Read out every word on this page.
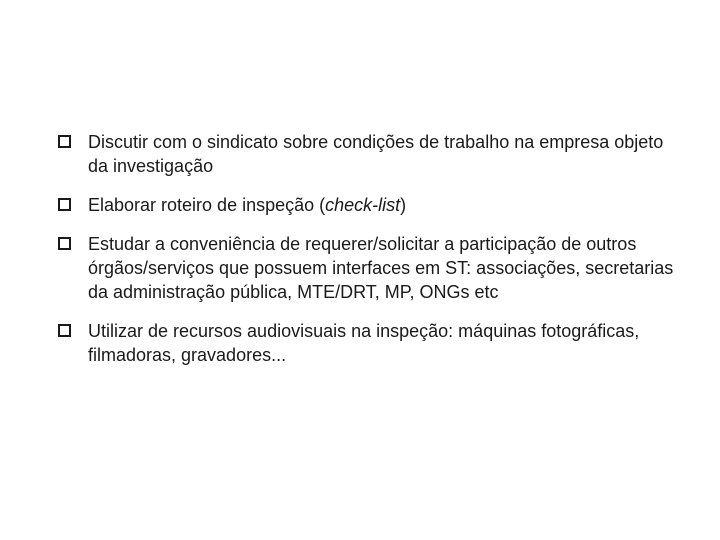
Discutir com o sindicato sobre condições de trabalho na empresa objeto da investigação
Elaborar roteiro de inspeção (check-list)
Estudar a conveniência de requerer/solicitar a participação de outros órgãos/serviços que possuem interfaces em ST: associações, secretarias da administração pública, MTE/DRT, MP, ONGs etc
Utilizar de recursos audiovisuais na inspeção: máquinas fotográficas, filmadoras, gravadores...
